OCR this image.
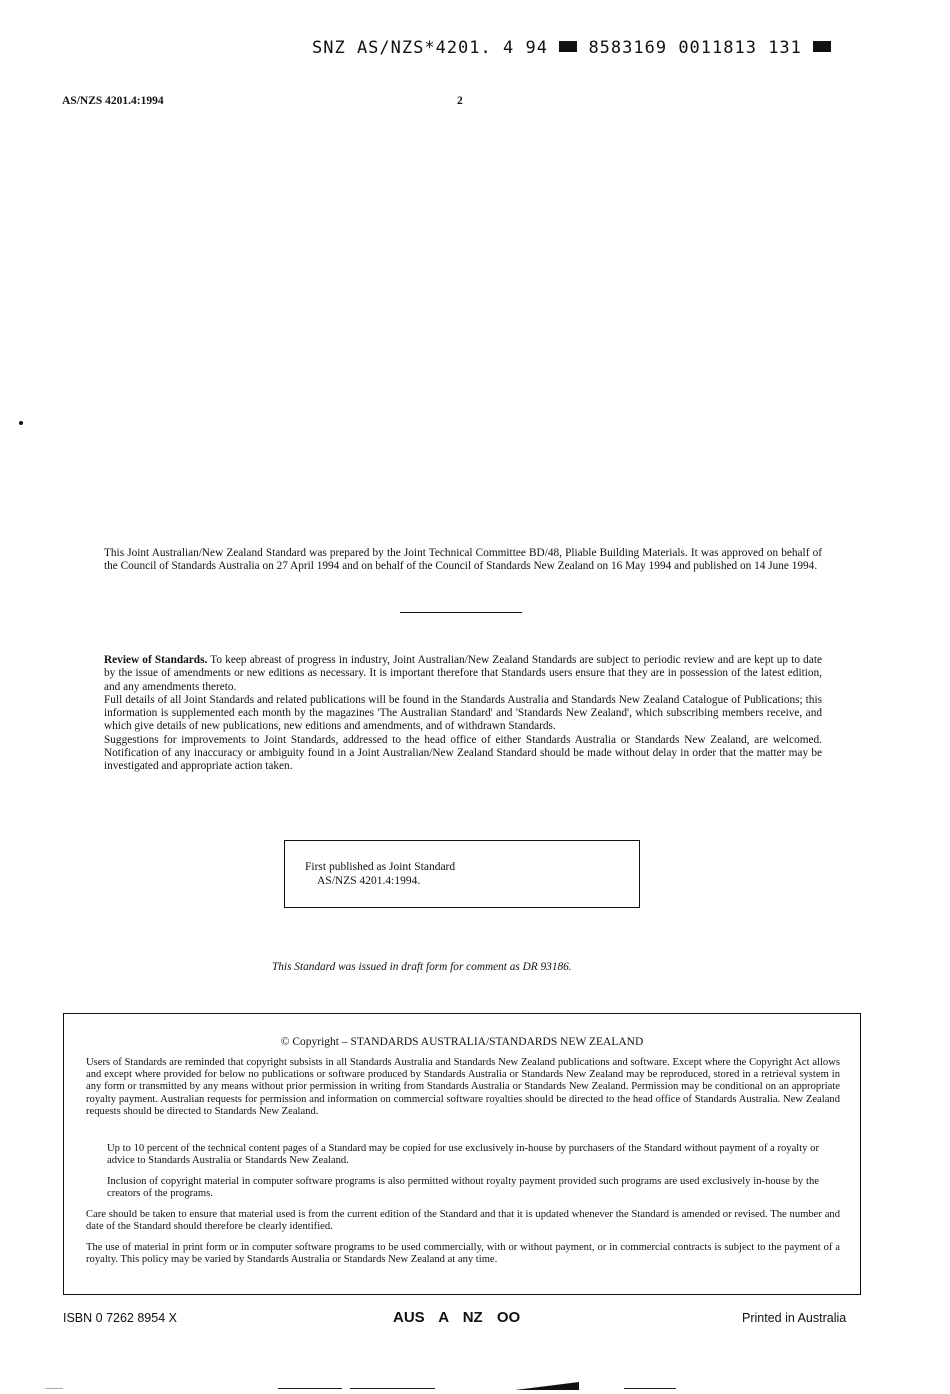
SNZ AS/NZS*4201. 4 94 8583169 0011813 131
AS/NZS 4201.4:1994	2

This Joint Australian/New Zealand Standard was prepared by the Joint Technical Committee BD/48, Pliable Building Materials. It was approved on behalf of the Council of Standards Australia on 27 April 1994 and on behalf of the Council of Standards New Zealand on 16 May 1994 and published on 14 June 1994.

Review of Standards. To keep abreast of progress in industry, Joint Australian/New Zealand Standards are subject to periodic review and are kept up to date by the issue of amendments or new editions as necessary. It is important therefore that Standards users ensure that they are in possession of the latest edition, and any amendments thereto.

Full details of all Joint Standards and related publications will be found in the Standards Australia and Standards New Zealand Catalogue of Publications; this information is supplemented each month by the magazines 'The Australian Standard' and 'Standards New Zealand', which subscribing members receive, and which give details of new publications, new editions and amendments, and of withdrawn Standards.

Suggestions for improvements to Joint Standards, addressed to the head office of either Standards Australia or Standards New Zealand, are welcomed. Notification of any inaccuracy or ambiguity found in a Joint Australian/New Zealand Standard should be made without delay in order that the matter may be investigated and appropriate action taken.

First published as Joint Standard
AS/NZS 4201.4:1994.
This Standard was issued in draft form for comment as DR 93186.
© Copyright – STANDARDS AUSTRALIA/STANDARDS NEW ZEALAND

Users of Standards are reminded that copyright subsists in all Standards Australia and Standards New Zealand publications and software. Except where the Copyright Act allows and except where provided for below no publications or software produced by Standards Australia or Standards New Zealand may be reproduced, stored in a retrieval system in any form or transmitted by any means without prior permission in writing from Standards Australia or Standards New Zealand. Permission may be conditional on an appropriate royalty payment. Australian requests for permission and information on commercial software royalties should be directed to the head office of Standards Australia. New Zealand requests should be directed to Standards New Zealand.

Up to 10 percent of the technical content pages of a Standard may be copied for use exclusively in-house by purchasers of the Standard without payment of a royalty or advice to Standards Australia or Standards New Zealand.

Inclusion of copyright material in computer software programs is also permitted without royalty payment provided such programs are used exclusively in-house by the creators of the programs.

Care should be taken to ensure that material used is from the current edition of the Standard and that it is updated whenever the Standard is amended or revised. The number and date of the Standard should therefore be clearly identified.

The use of material in print form or in computer software programs to be used commercially, with or without payment, or in commercial contracts is subject to the payment of a royalty. This policy may be varied by Standards Australia or Standards New Zealand at any time.

ISBN 0 7262 8954 X	AUS A NZ OO	Printed in Australia
